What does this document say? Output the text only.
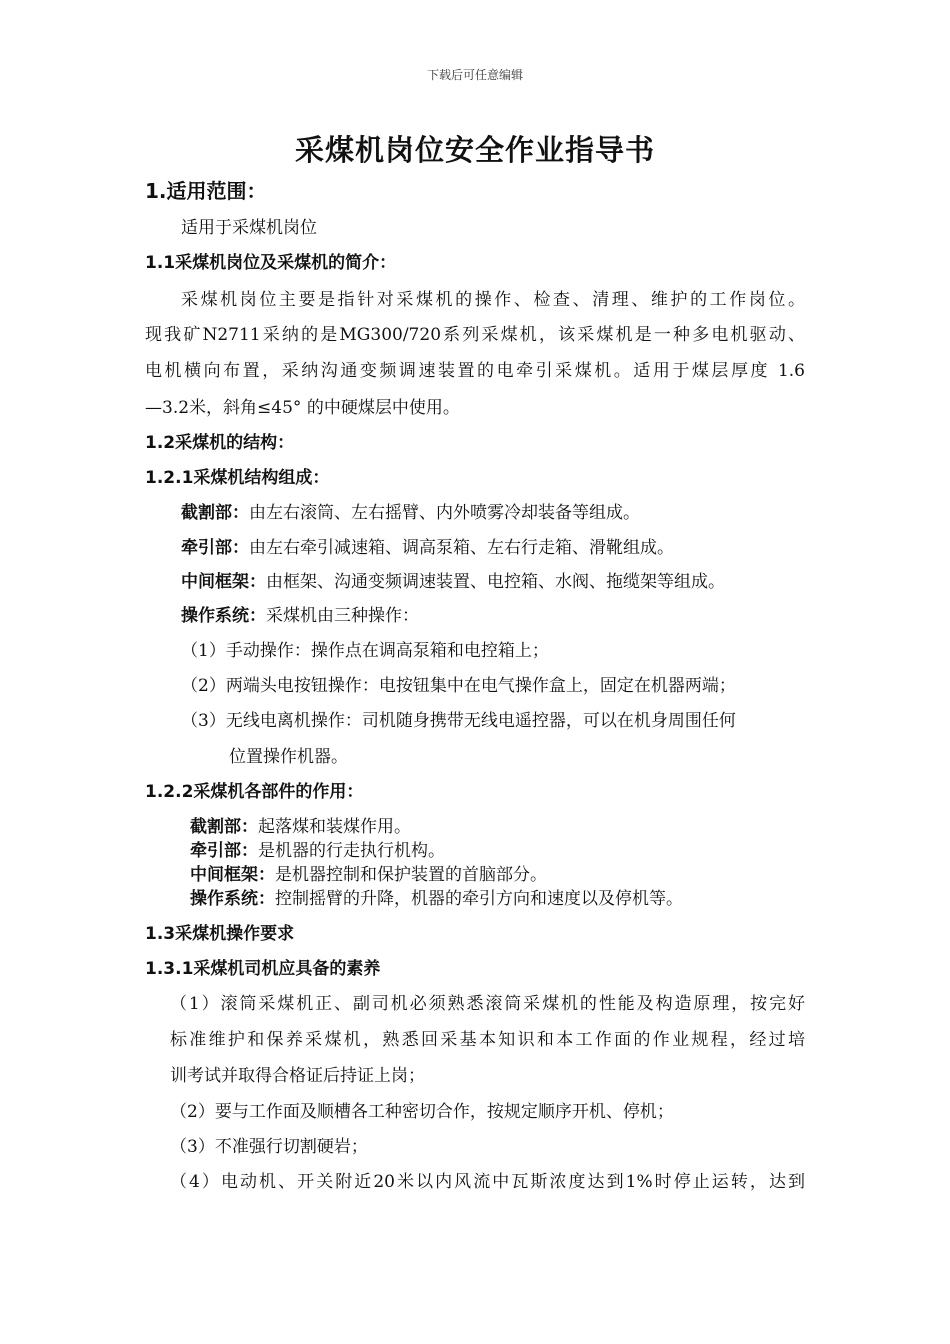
下载后可任意编辑
采煤机岗位安全作业指导书
1.适用范围：
适用于采煤机岗位
1.1采煤机岗位及采煤机的简介：
采煤机岗位主要是指针对采煤机的操作、检查、清理、维护的工作岗位。
现我矿N2711采纳的是MG300/720系列采煤机，该采煤机是一种多电机驱动、
电机横向布置，采纳沟通变频调速装置的电牵引采煤机。适用于煤层厚度 1.6
—3.2米，斜角≤45° 的中硬煤层中使用。
1.2采煤机的结构：
1.2.1采煤机结构组成：
截割部：由左右滚筒、左右摇臂、内外喷雾冷却装备等组成。
牵引部：由左右牵引减速箱、调高泵箱、左右行走箱、滑靴组成。
中间框架：由框架、沟通变频调速装置、电控箱、水阀、拖缆架等组成。
操作系统：采煤机由三种操作：
（1）手动操作：操作点在调高泵箱和电控箱上；
（2）两端头电按钮操作：电按钮集中在电气操作盒上，固定在机器两端；
（3）无线电离机操作：司机随身携带无线电遥控器，可以在机身周围任何
位置操作机器。
1.2.2采煤机各部件的作用：
截割部：起落煤和装煤作用。
牵引部：是机器的行走执行机构。
中间框架：是机器控制和保护装置的首脑部分。
操作系统：控制摇臂的升降，机器的牵引方向和速度以及停机等。
1.3采煤机操作要求
1.3.1采煤机司机应具备的素养
（1）滚筒采煤机正、副司机必须熟悉滚筒采煤机的性能及构造原理，按完好
标准维护和保养采煤机，熟悉回采基本知识和本工作面的作业规程，经过培
训考试并取得合格证后持证上岗；
（2）要与工作面及顺槽各工种密切合作，按规定顺序开机、停机；
（3）不准强行切割硬岩；
（4）电动机、开关附近20米以内风流中瓦斯浓度达到1%时停止运转，达到
